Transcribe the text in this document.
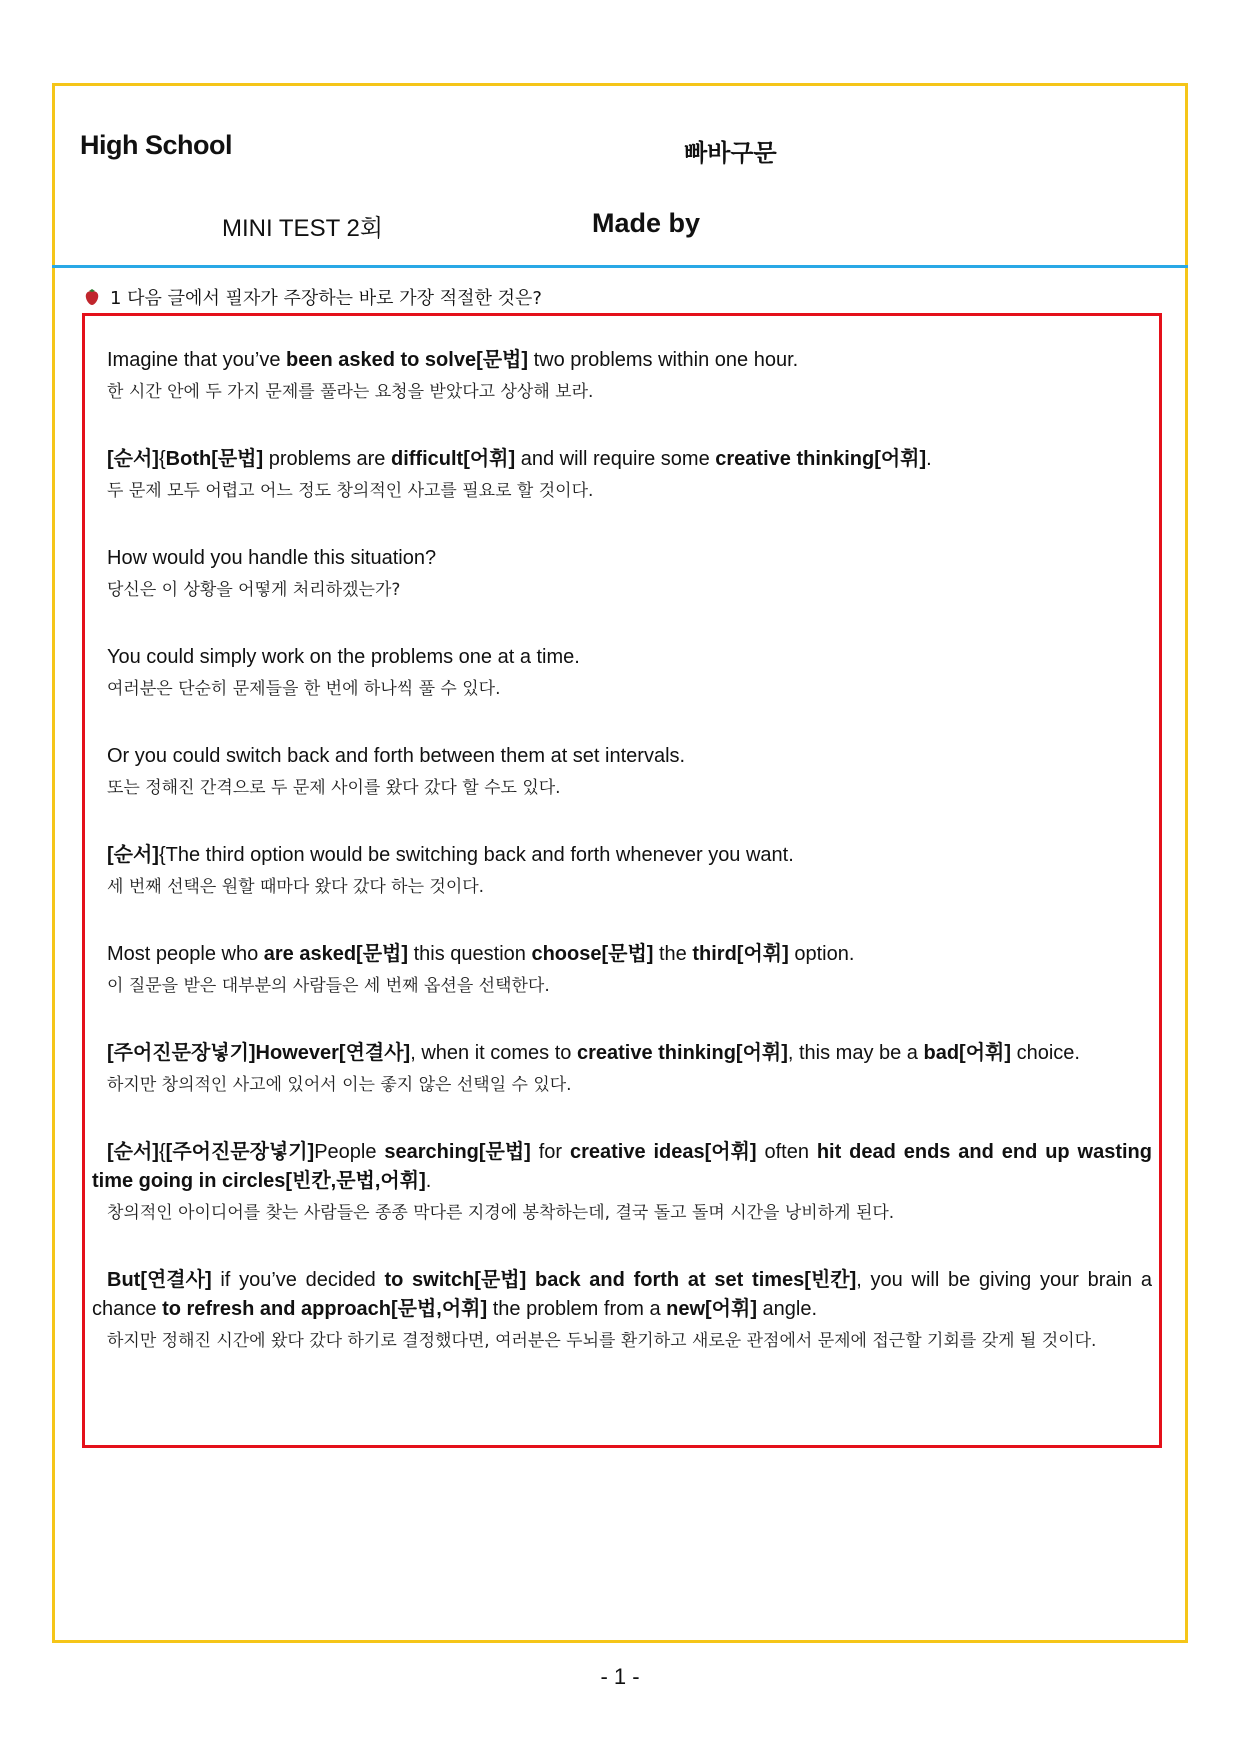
High School	빠바구문
MINI TEST 2회	Made by
1 다음 글에서 필자가 주장하는 바로 가장 적절한 것은?
Imagine that you’ve been asked to solve[문법] two problems within one hour.
한 시간 안에 두 가지 문제를 풀라는 요청을 받았다고 상상해 보라.
[순서]{Both[문법] problems are difficult[어휘] and will require some creative thinking[어휘].
두 문제 모두 어렵고 어느 정도 창의적인 사고를 필요로 할 것이다.
How would you handle this situation?
당신은 이 상황을 어떻게 처리하겠는가?
You could simply work on the problems one at a time.
여러분은 단순히 문제들을 한 번에 하나씩 풀 수 있다.
Or you could switch back and forth between them at set intervals.
또는 정해진 간격으로 두 문제 사이를 왔다 갔다 할 수도 있다.
[순서]{The third option would be switching back and forth whenever you want.
세 번째 선택은 원할 때마다 왔다 갔다 하는 것이다.
Most people who are asked[문법] this question choose[문법] the third[어휘] option.
이 질문을 받은 대부분의 사람들은 세 번째 옵션을 선택한다.
[주어진문장넣기]However[연결사], when it comes to creative thinking[어휘], this may be a bad[어휘] choice.
하지만 창의적인 사고에 있어서 이는 좋지 않은 선택일 수 있다.
[순서]{[주어진문장넣기]People searching[문법] for creative ideas[어휘] often hit dead ends and end up wasting time going in circles[빈칸,문법,어휘].
창의적인 아이디어를 찾는 사람들은 종종 막다른 지경에 봉착하는데, 결국 돌고 돌며 시간을 낭비하게 된다.
But[연결사] if you’ve decided to switch[문법] back and forth at set times[빈칸], you will be giving your brain a chance to refresh and approach[문법,어휘] the problem from a new[어휘] angle.
하지만 정해진 시간에 왔다 갔다 하기로 결정했다면, 여러분은 두뇌를 환기하고 새로운 관점에서 문제에 접근할 기회를 갖게 될 것이다.
- 1 -
